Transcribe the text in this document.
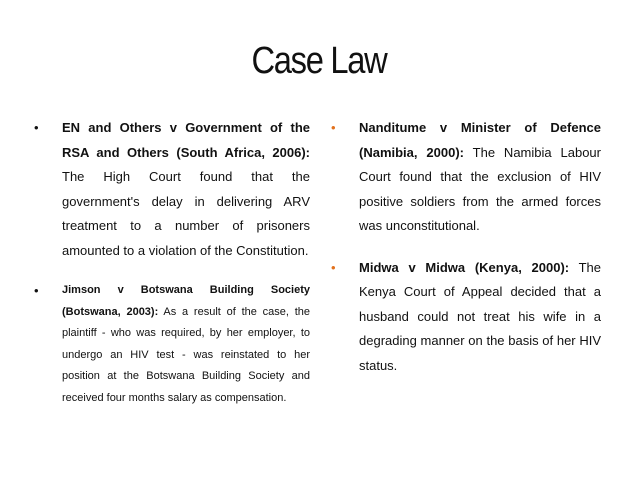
Case Law
• EN and Others v Government of the RSA and Others (South Africa, 2006): The High Court found that the government's delay in delivering ARV treatment to a number of prisoners amounted to a violation of the Constitution.
• Jimson v Botswana Building Society (Botswana, 2003): As a result of the case, the plaintiff - who was required, by her employer, to undergo an HIV test - was reinstated to her position at the Botswana Building Society and received four months salary as compensation.
• Nanditume v Minister of Defence (Namibia, 2000): The Namibia Labour Court found that the exclusion of HIV positive soldiers from the armed forces was unconstitutional.
• Midwa v Midwa (Kenya, 2000): The Kenya Court of Appeal decided that a husband could not treat his wife in a degrading manner on the basis of her HIV status.
